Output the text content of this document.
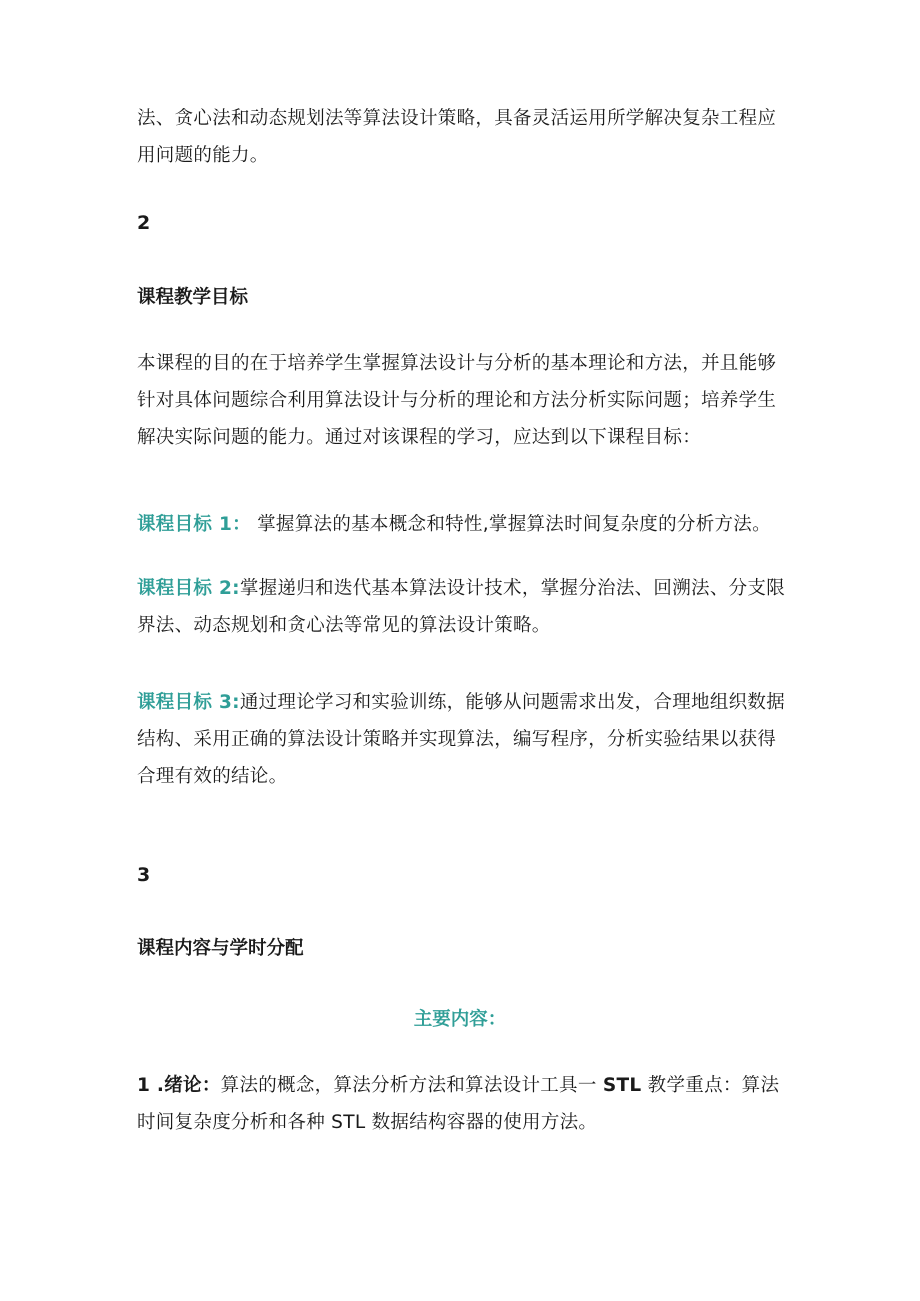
法、贪心法和动态规划法等算法设计策略，具备灵活运用所学解决复杂工程应用问题的能力。
2
课程教学目标
本课程的目的在于培养学生掌握算法设计与分析的基本理论和方法，并且能够针对具体问题综合利用算法设计与分析的理论和方法分析实际问题；培养学生解决实际问题的能力。通过对该课程的学习，应达到以下课程目标：
课程目标 1： 掌握算法的基本概念和特性,掌握算法时间复杂度的分析方法。
课程目标 2:掌握递归和迭代基本算法设计技术，掌握分治法、回溯法、分支限界法、动态规划和贪心法等常见的算法设计策略。
课程目标 3:通过理论学习和实验训练，能够从问题需求出发，合理地组织数据结构、采用正确的算法设计策略并实现算法，编写程序，分析实验结果以获得合理有效的结论。
3
课程内容与学时分配
主要内容：
1 .绪论：算法的概念，算法分析方法和算法设计工具一 STL 教学重点：算法时间复杂度分析和各种 STL 数据结构容器的使用方法。
